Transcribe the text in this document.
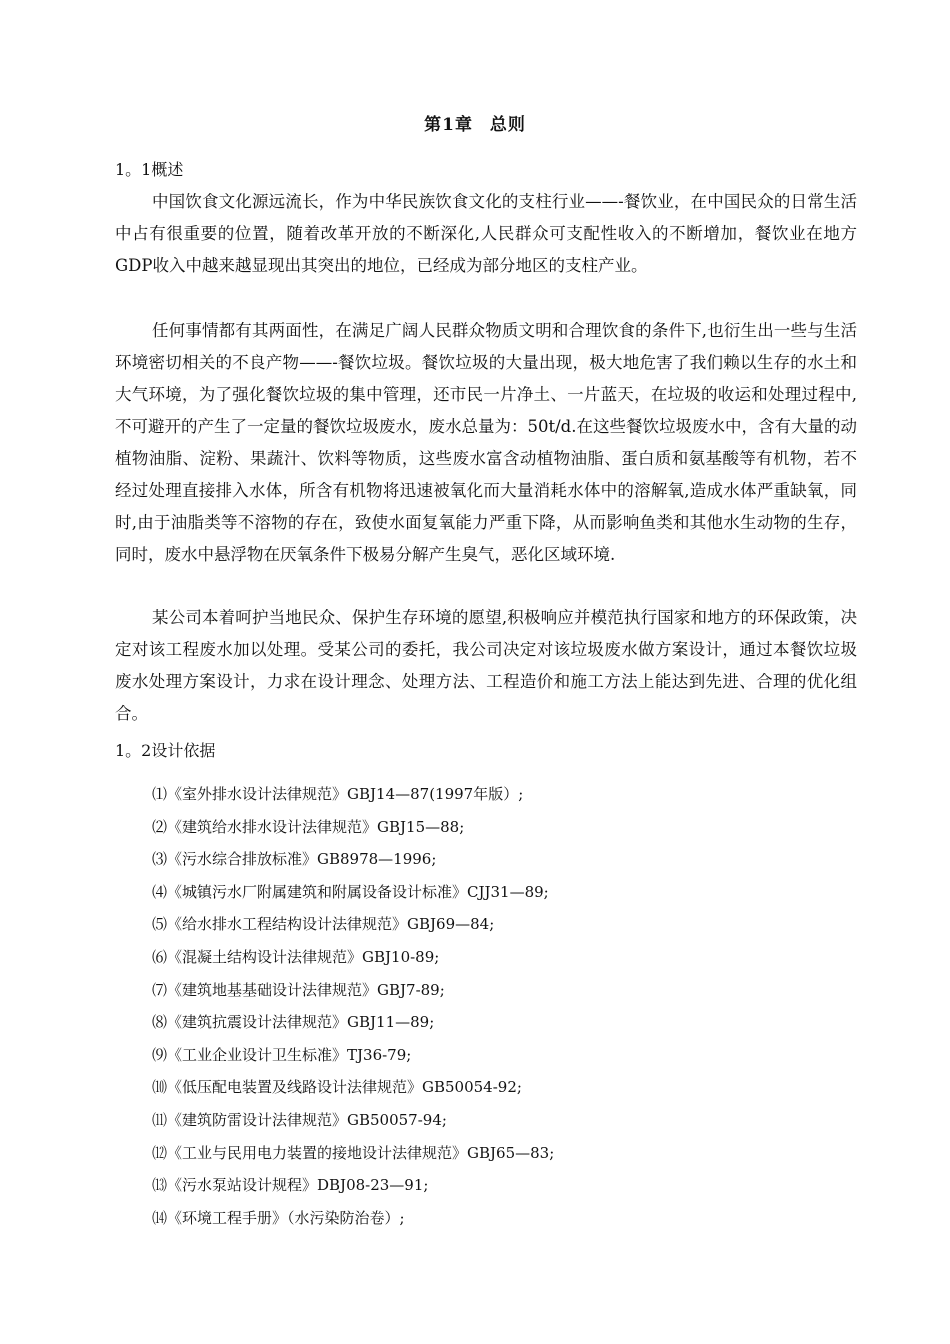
第1章 总则
1。1概述

中国饮食文化源远流长，作为中华民族饮食文化的支柱行业——-餐饮业，在中国民众的日常生活中占有很重要的位置，随着改革开放的不断深化,人民群众可支配性收入的不断增加，餐饮业在地方GDP收入中越来越显现出其突出的地位，已经成为部分地区的支柱产业。

任何事情都有其两面性，在满足广阔人民群众物质文明和合理饮食的条件下,也衍生出一些与生活环境密切相关的不良产物——-餐饮垃圾。餐饮垃圾的大量出现，极大地危害了我们赖以生存的水土和大气环境，为了强化餐饮垃圾的集中管理，还市民一片净土、一片蓝天，在垃圾的收运和处理过程中,不可避开的产生了一定量的餐饮垃圾废水，废水总量为：50t/d.在这些餐饮垃圾废水中，含有大量的动植物油脂、淀粉、果蔬汁、饮料等物质，这些废水富含动植物油脂、蛋白质和氨基酸等有机物，若不经过处理直接排入水体，所含有机物将迅速被氧化而大量消耗水体中的溶解氧,造成水体严重缺氧，同时,由于油脂类等不溶物的存在，致使水面复氧能力严重下降，从而影响鱼类和其他水生动物的生存，同时，废水中悬浮物在厌氧条件下极易分解产生臭气，恶化区域环境.

某公司本着呵护当地民众、保护生存环境的愿望,积极响应并模范执行国家和地方的环保政策，决定对该工程废水加以处理。受某公司的委托，我公司决定对该垃圾废水做方案设计，通过本餐饮垃圾废水处理方案设计，力求在设计理念、处理方法、工程造价和施工方法上能达到先进、合理的优化组合。

1。2设计依据
⑴《室外排水设计法律规范》GBJ14—87(1997年版）;
⑵《建筑给水排水设计法律规范》GBJ15—88;
⑶《污水综合排放标准》GB8978—1996;
⑷《城镇污水厂附属建筑和附属设备设计标准》CJJ31—89;
⑸《给水排水工程结构设计法律规范》GBJ69—84;
⑹《混凝土结构设计法律规范》GBJ10-89;
⑺《建筑地基基础设计法律规范》GBJ7-89;
⑻《建筑抗震设计法律规范》GBJ11—89;
⑼《工业企业设计卫生标准》TJ36-79;
⑽《低压配电装置及线路设计法律规范》GB50054-92;
⑾《建筑防雷设计法律规范》GB50057-94;
⑿《工业与民用电力装置的接地设计法律规范》GBJ65—83;
⒀《污水泵站设计规程》DBJ08-23—91;
⒁《环境工程手册》（水污染防治卷）;
